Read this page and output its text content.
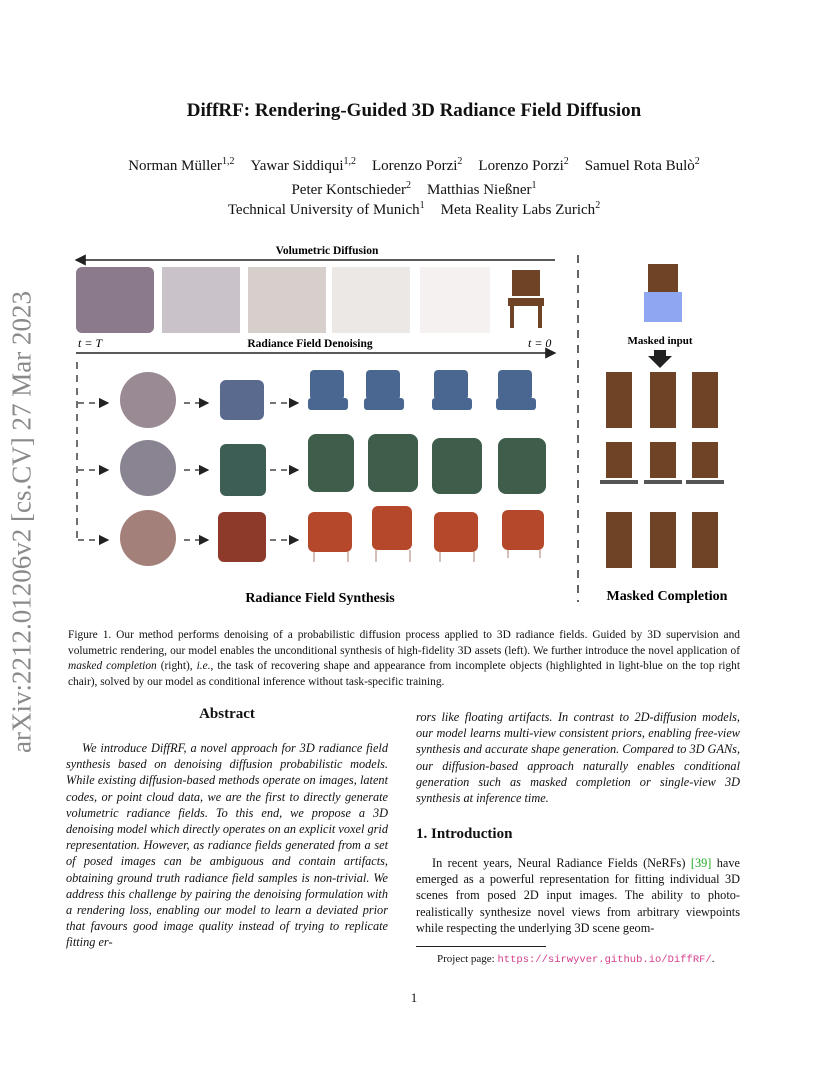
DiffRF: Rendering-Guided 3D Radiance Field Diffusion
Norman Müller$^{1,2}$ Yawar Siddiqui$^{1,2}$ Lorenzo Porzi$^2$ Lorenzo Porzi$^2$ Samuel Rota Bulò$^2$
Peter Kontschieder$^2$ Matthias Nießner$^1$
Technical University of Munich$^1$ Meta Reality Labs Zurich$^2$
arXiv:2212.01206v2 [cs.CV] 27 Mar 2023
Volumetric Diffusion
t = T	t = 0
Radiance Field Denoising
Radiance Field Synthesis
Masked input
Masked Completion
Figure 1. Our method performs denoising of a probabilistic diffusion process applied to 3D radiance fields. Guided by 3D supervision and volumetric rendering, our model enables the unconditional synthesis of high-fidelity 3D assets (left). We further introduce the novel application of masked completion (right), i.e., the task of recovering shape and appearance from incomplete objects (highlighted in light-blue on the top right chair), solved by our model as conditional inference without task-specific training.
Abstract
We introduce DiffRF, a novel approach for 3D radiance field synthesis based on denoising diffusion probabilistic models. While existing diffusion-based methods operate on images, latent codes, or point cloud data, we are the first to directly generate volumetric radiance fields. To this end, we propose a 3D denoising model which directly operates on an explicit voxel grid representation. However, as radiance fields generated from a set of posed images can be ambiguous and contain artifacts, obtaining ground truth radiance field samples is non-trivial. We address this challenge by pairing the denoising formulation with a rendering loss, enabling our model to learn a deviated prior that favours good image quality instead of trying to replicate fitting er-
rors like floating artifacts. In contrast to 2D-diffusion models, our model learns multi-view consistent priors, enabling free-view synthesis and accurate shape generation. Compared to 3D GANs, our diffusion-based approach naturally enables conditional generation such as masked completion or single-view 3D synthesis at inference time.
1. Introduction
In recent years, Neural Radiance Fields (NeRFs) [39] have emerged as a powerful representation for fitting individual 3D scenes from posed 2D input images. The ability to photo-realistically synthesize novel views from arbitrary viewpoints while respecting the underlying 3D scene geom-
Project page: https://sirwyver.github.io/DiffRF/.
1
